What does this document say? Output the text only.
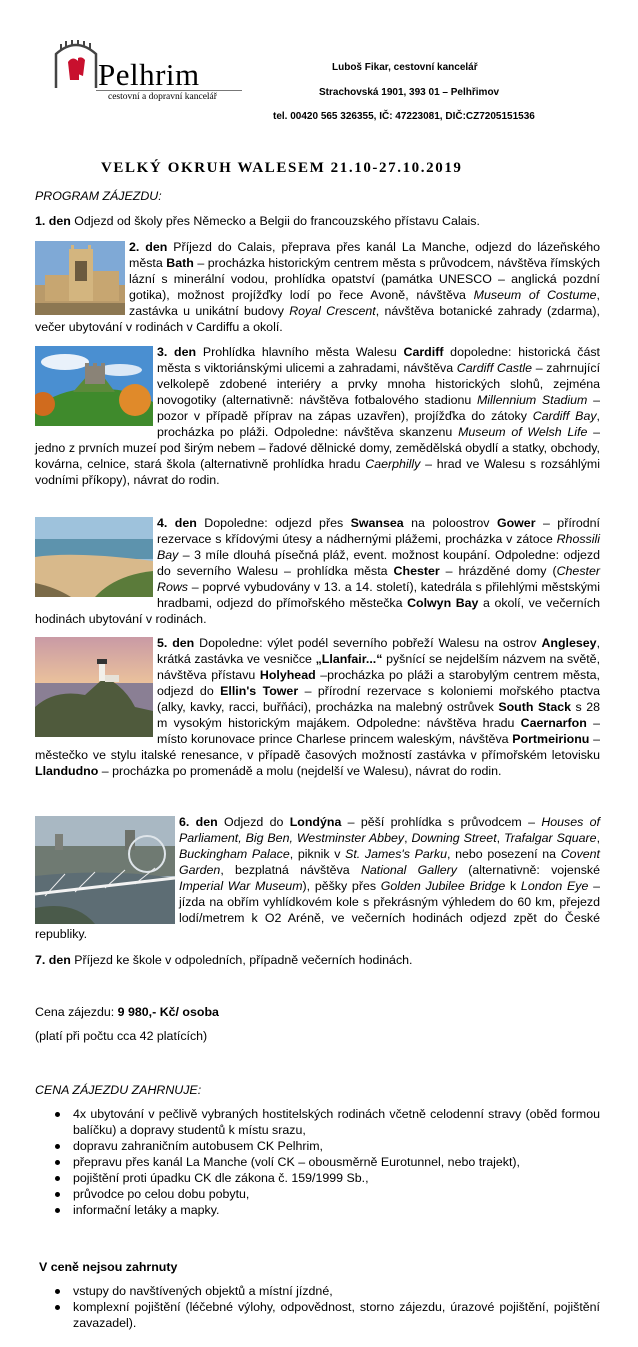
Pelhrim
cestovní a dopravní kancelář
Luboš Fikar, cestovní kancelář
Strachovská 1901, 393 01 – Pelhřimov
tel. 00420 565 326355, IČ: 47223081, DIČ:CZ7205151536
VELKÝ OKRUH WALESEM 21.10-27.10.2019
PROGRAM ZÁJEZDU:
1. den Odjezd od školy přes Německo a Belgii do francouzského přístavu Calais.
2. den Příjezd do Calais, přeprava přes kanál La Manche, odjezd do lázeňského města Bath – procházka historickým centrem města s průvodcem, návštěva římských lázní s minerální vodou, prohlídka opatství (památka UNESCO – anglická pozdní gotika), možnost projížďky lodí po řece Avoně, návštěva Museum of Costume, zastávka u unikátní budovy Royal Crescent, návštěva botanické zahrady (zdarma), večer ubytování v rodinách v Cardiffu a okolí.
3. den Prohlídka hlavního města Walesu Cardiff dopoledne: historická část města s viktoriánskými ulicemi a zahradami, návštěva Cardiff Castle – zahrnující velkolepě zdobené interiéry a prvky mnoha historických slohů, zejména novogotiky (alternativně: návštěva fotbalového stadionu Millennium Stadium – pozor v případě příprav na zápas uzavřen), projížďka do zátoky Cardiff Bay, procházka po pláži. Odpoledne: návštěva skanzenu Museum of Welsh Life – jedno z prvních muzeí pod širým nebem – řadové dělnické domy, zemědělská obydlí a statky, obchody, kovárna, celnice, stará škola (alternativně prohlídka hradu Caerphilly – hrad ve Walesu s rozsáhlými vodními příkopy), návrat do rodin.
4. den Dopoledne: odjezd přes Swansea na poloostrov Gower – přírodní rezervace s křídovými útesy a nádhernými plážemi, procházka v zátoce Rhossili Bay – 3 míle dlouhá písečná pláž, event. možnost koupání. Odpoledne: odjezd do severního Walesu – prohlídka města Chester – hrázděné domy (Chester Rows – poprvé vybudovány v 13. a 14. století), katedrála s přilehlými městskými hradbami, odjezd do přímořského městečka Colwyn Bay a okolí, ve večerních hodinách ubytování v rodinách.
5. den Dopoledne: výlet podél severního pobřeží Walesu na ostrov Anglesey, krátká zastávka ve vesničce „Llanfair...“ pyšnící se nejdelším názvem na světě, návštěva přístavu Holyhead –procházka po pláži a starobylým centrem města, odjezd do Ellin's Tower – přírodní rezervace s koloniemi mořského ptactva (alky, kavky, racci, buřňáci), procházka na malebný ostrůvek South Stack s 28 m vysokým historickým majákem. Odpoledne: návštěva hradu Caernarfon – místo korunovace prince Charlese princem waleským, návštěva Portmeirionu – městečko ve stylu italské renesance, v případě časových možností zastávka v přímořském letovisku Llandudno – procházka po promenádě a molu (nejdelší ve Walesu), návrat do rodin.
6. den Odjezd do Londýna – pěší prohlídka s průvodcem – Houses of Parliament, Big Ben, Westminster Abbey, Downing Street, Trafalgar Square, Buckingham Palace, piknik v St. James's Parku, nebo posezení na Covent Garden, bezplatná návštěva National Gallery (alternativně: vojenské Imperial War Museum), pěšky přes Golden Jubilee Bridge k London Eye – jízda na obřím vyhlídkovém kole s překrásným výhledem do 60 km, přejezd lodí/metrem k O2 Aréně, ve večerních hodinách odjezd zpět do České republiky.
7. den Příjezd ke škole v odpoledních, případně večerních hodinách.
Cena zájezdu: 9 980,- Kč/ osoba
(platí při počtu cca 42 platících)
CENA ZÁJEZDU ZAHRNUJE:
4x ubytování v pečlivě vybraných hostitelských rodinách včetně celodenní stravy (oběd formou balíčku) a dopravy studentů k místu srazu,
dopravu zahraničním autobusem CK Pelhrim,
přepravu přes kanál La Manche (volí CK – obousměrně Eurotunnel, nebo trajekt),
pojištění proti úpadku CK dle zákona č. 159/1999 Sb.,
průvodce po celou dobu pobytu,
informační letáky a mapky.
V ceně nejsou zahrnuty
vstupy do navštívených objektů a místní jízdné,
komplexní pojištění (léčebné výlohy, odpovědnost, storno zájezdu, úrazové pojištění, pojištění zavazadel).
